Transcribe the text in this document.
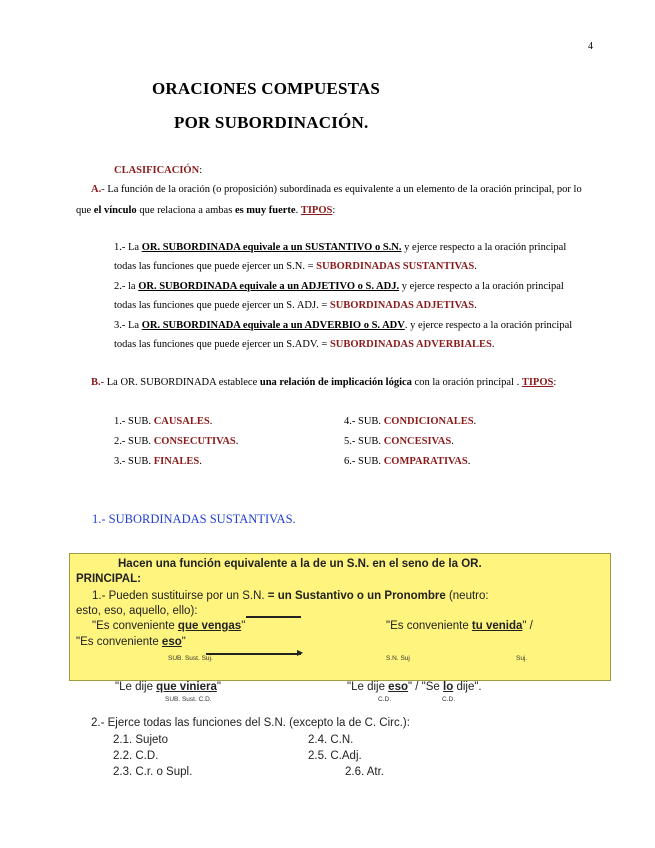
4
ORACIONES COMPUESTAS
POR SUBORDINACIÓN.
CLASIFICACIÓN:
A.- La función de la oración (o proposición) subordinada es equivalente a un elemento de la oración principal, por lo
que el vínculo que relaciona a ambas es muy fuerte. TIPOS:
1.- La OR. SUBORDINADA equivale a un SUSTANTIVO o S.N. y ejerce respecto a la oración principal
todas las funciones que puede ejercer un S.N. = SUBORDINADAS SUSTANTIVAS.
2.- la OR. SUBORDINADA equivale a un ADJETIVO o S. ADJ. y ejerce respecto a la oración principal
todas las funciones que puede ejercer un S. ADJ. = SUBORDINADAS ADJETIVAS.
3.- La OR. SUBORDINADA equivale a un ADVERBIO o S. ADV. y ejerce respecto a la oración principal
todas las funciones que puede ejercer un S.ADV. = SUBORDINADAS ADVERBIALES.
B.- La OR. SUBORDINADA establece una relación de implicación lógica con la oración principal . TIPOS:
1.- SUB. CAUSALES.
2.- SUB. CONSECUTIVAS.
3.- SUB. FINALES.
4.- SUB. CONDICIONALES.
5.- SUB. CONCESIVAS.
6.- SUB. COMPARATIVAS.
1.- SUBORDINADAS SUSTANTIVAS.
"Le dije que viniera"	"Le dije eso" / "Se lo dije".
SUB. Sust. C.D.	C.D.	C.D.
2.- Ejerce todas las funciones del S.N. (excepto la de C. Circ.):
2.1. Sujeto
2.2. C.D.
2.3. C.r. o Supl.
2.4. C.N.
2.5. C.Adj.
2.6. Atr.
Hacen una función equivalente a la de un S.N. en el seno de la OR.
PRINCIPAL:
1.- Pueden sustituirse por un S.N. = un Sustantivo o un Pronombre (neutro:
esto, eso, aquello, ello):
"Es conveniente que vengas"	"Es conveniente tu venida" /
"Es conveniente eso"
▶
SUB. Sust. Suj.	S.N. Suj	Suj.
